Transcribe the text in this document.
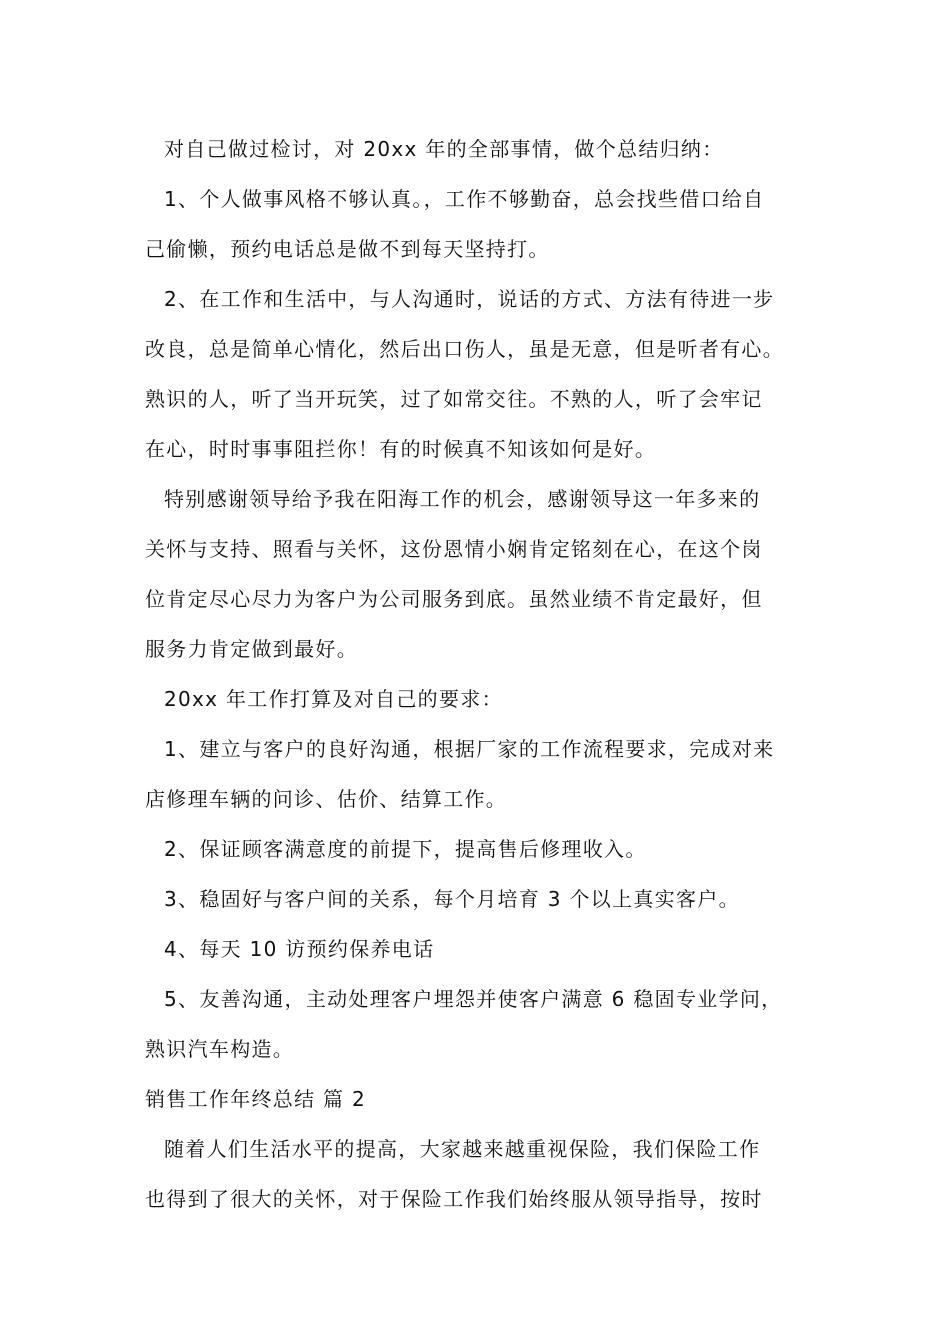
对自己做过检讨，对 20xx 年的全部事情，做个总结归纳：

1、个人做事风格不够认真。，工作不够勤奋，总会找些借口给自

己偷懒，预约电话总是做不到每天坚持打。

2、在工作和生活中，与人沟通时，说话的方式、方法有待进一步

改良，总是简单心情化，然后出口伤人，虽是无意，但是听者有心。

熟识的人，听了当开玩笑，过了如常交往。不熟的人，听了会牢记

在心，时时事事阻拦你！有的时候真不知该如何是好。

特别感谢领导给予我在阳海工作的机会，感谢领导这一年多来的

关怀与支持、照看与关怀，这份恩情小娴肯定铭刻在心，在这个岗

位肯定尽心尽力为客户为公司服务到底。虽然业绩不肯定最好，但

服务力肯定做到最好。

20xx 年工作打算及对自己的要求：

1、建立与客户的良好沟通，根据厂家的工作流程要求，完成对来

店修理车辆的问诊、估价、结算工作。

2、保证顾客满意度的前提下，提高售后修理收入。

3、稳固好与客户间的关系，每个月培育 3 个以上真实客户。

4、每天 10 访预约保养电话

5、友善沟通，主动处理客户埋怨并使客户满意 6 稳固专业学问，

熟识汽车构造。

销售工作年终总结 篇 2

随着人们生活水平的提高，大家越来越重视保险，我们保险工作

也得到了很大的关怀，对于保险工作我们始终服从领导指导，按时
